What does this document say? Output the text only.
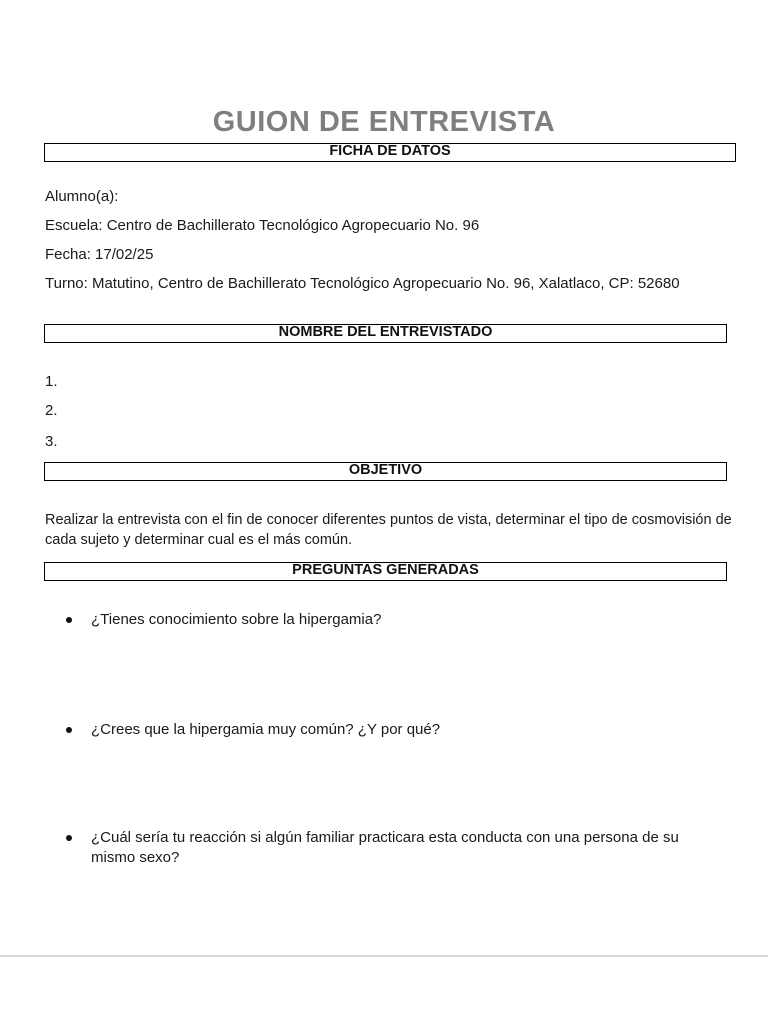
GUION DE ENTREVISTA
FICHA DE DATOS

Alumno(a):

Escuela: Centro de Bachillerato Tecnológico Agropecuario No. 96

Fecha: 17/02/25

Turno: Matutino, Centro de Bachillerato Tecnológico Agropecuario No. 96, Xalatlaco, CP: 52680

NOMBRE DEL ENTREVISTADO

1.

2.

3.

OBJETIVO

Realizar la entrevista con el fin de conocer diferentes puntos de vista, determinar el tipo de cosmovisión de cada sujeto y determinar cual es el más común.

PREGUNTAS GENERADAS
¿Tienes conocimiento sobre la hipergamia?
¿Crees que la hipergamia muy común? ¿Y por qué?
¿Cuál sería tu reacción si algún familiar practicara esta conducta con una persona de su mismo sexo?
